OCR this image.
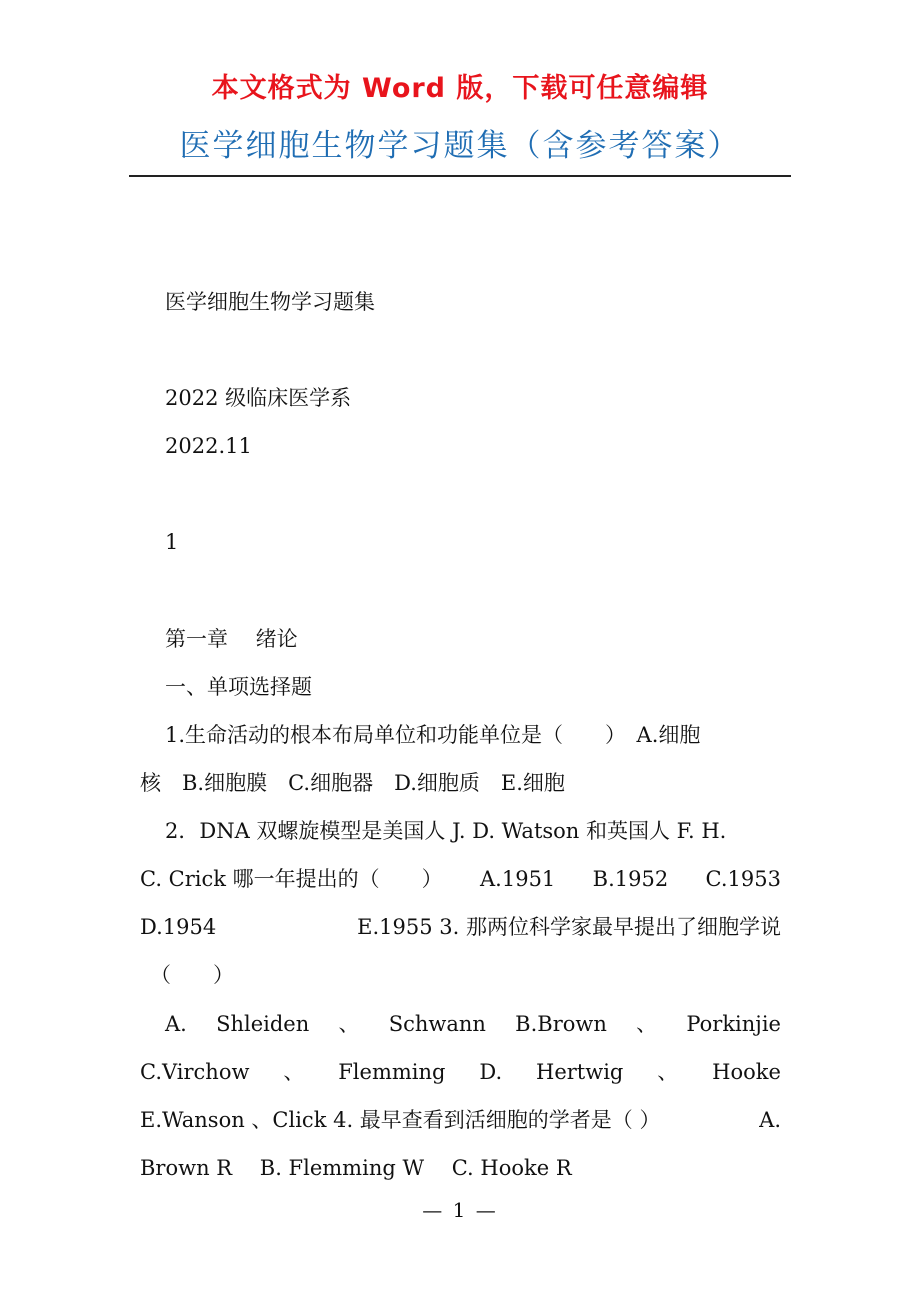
本文格式为 Word 版，下载可任意编辑
医学细胞生物学习题集（含参考答案）
医学细胞生物学习题集
2022 级临床医学系
2022.11
1
第一章　 绪论
一、单项选择题
1.生命活动的根本布局单位和功能单位是（　　）　A.细胞
核　B.细胞膜　C.细胞器　D.细胞质　E.细胞
2．DNA 双螺旋模型是美国人 J. D. Watson 和英国人 F. H.
C. Crick 哪一年提出的（　　） A.1951 B.1952 C.1953
D.1954	E.1955 3. 那两位科学家最早提出了细胞学说
（　　）
A. Shleiden 、 Schwann B.Brown 、 Porkinjie
C.Virchow 、 Flemming D. Hertwig 、 Hooke
E.Wanson 、Click 4. 最早查看到活细胞的学者是（ ）	A.
Brown R　 B. Flemming W　 C. Hooke R
— 1 —
